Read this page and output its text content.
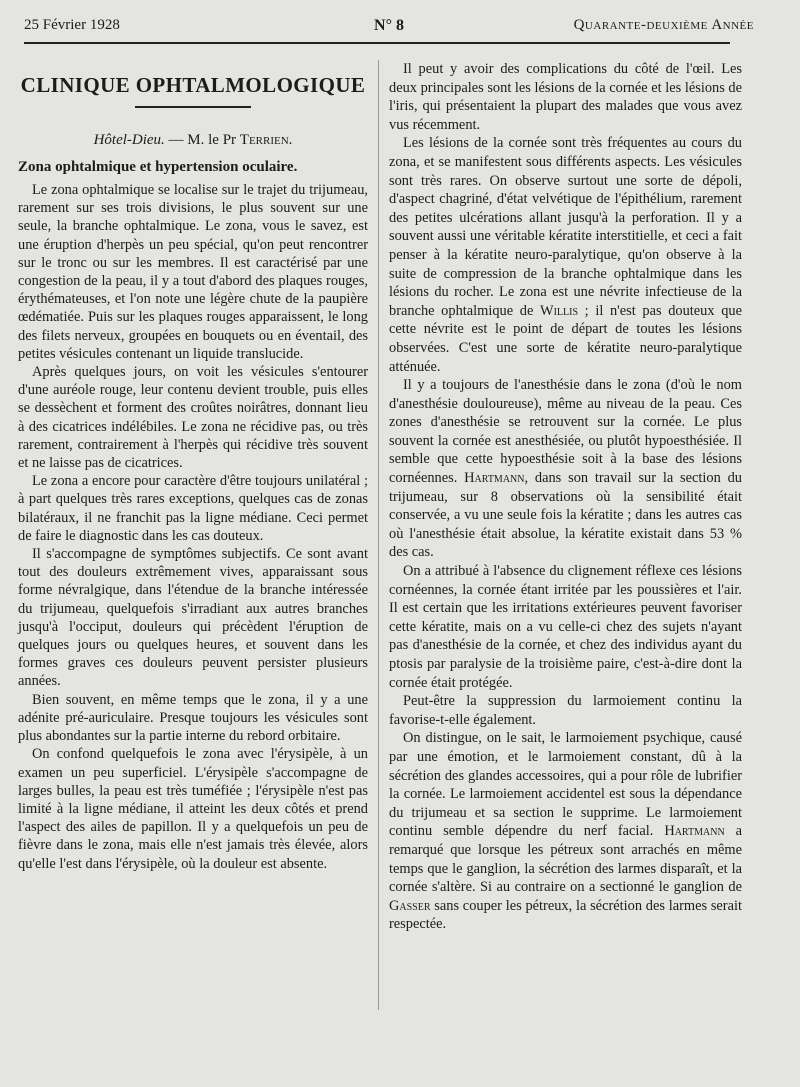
25 Février 1928	N° 8	Quarante-deuxième Année
CLINIQUE OPHTALMOLOGIQUE
Hôtel-Dieu. — M. le Pr Terrien.
Zona ophtalmique et hypertension oculaire.

Le zona ophtalmique se localise sur le trajet du trijumeau, rarement sur ses trois divisions, le plus souvent sur une seule, la branche ophtalmique. Le zona, vous le savez, est une éruption d'herpès un peu spécial, qu'on peut rencontrer sur le tronc ou sur les membres. Il est caractérisé par une congestion de la peau, il y a tout d'abord des plaques rouges, érythémateuses, et l'on note une légère chute de la paupière œdématiée. Puis sur les plaques rouges apparaissent, le long des filets nerveux, groupées en bouquets ou en éventail, des petites vésicules contenant un liquide translucide.

Après quelques jours, on voit les vésicules s'entourer d'une auréole rouge, leur contenu devient trouble, puis elles se dessèchent et forment des croûtes noirâtres, donnant lieu à des cicatrices indélébiles. Le zona ne récidive pas, ou très rarement, contrairement à l'herpès qui récidive très souvent et ne laisse pas de cicatrices.

Le zona a encore pour caractère d'être toujours unilatéral ; à part quelques très rares exceptions, quelques cas de zonas bilatéraux, il ne franchit pas la ligne médiane. Ceci permet de faire le diagnostic dans les cas douteux.

Il s'accompagne de symptômes subjectifs. Ce sont avant tout des douleurs extrêmement vives, apparaissant sous forme névralgique, dans l'étendue de la branche intéressée du trijumeau, quelquefois s'irradiant aux autres branches jusqu'à l'occiput, douleurs qui précèdent l'éruption de quelques jours ou quelques heures, et souvent dans les formes graves ces douleurs peuvent persister plusieurs années.

Bien souvent, en même temps que le zona, il y a une adénite pré-auriculaire. Presque toujours les vésicules sont plus abondantes sur la partie interne du rebord orbitaire.

On confond quelquefois le zona avec l'érysipèle, à un examen un peu superficiel. L'érysipèle s'accompagne de larges bulles, la peau est très tuméfiée ; l'érysipèle n'est pas limité à la ligne médiane, il atteint les deux côtés et prend l'aspect des ailes de papillon. Il y a quelquefois un peu de fièvre dans le zona, mais elle n'est jamais très élevée, alors qu'elle l'est dans l'érysipèle, où la douleur est absente.

Il peut y avoir des complications du côté de l'œil. Les deux principales sont les lésions de la cornée et les lésions de l'iris, qui présentaient la plupart des malades que vous avez vus récemment.

Les lésions de la cornée sont très fréquentes au cours du zona, et se manifestent sous différents aspects. Les vésicules sont très rares. On observe surtout une sorte de dépoli, d'aspect chagriné, d'état velvétique de l'épithélium, rarement des petites ulcérations allant jusqu'à la perforation. Il y a souvent aussi une véritable kératite interstitielle, et ceci a fait penser à la kératite neuro-paralytique, qu'on observe à la suite de compression de la branche ophtalmique dans les lésions du rocher. Le zona est une névrite infectieuse de la branche ophtalmique de Willis ; il n'est pas douteux que cette névrite est le point de départ de toutes les lésions observées. C'est une sorte de kératite neuro-paralytique atténuée.

Il y a toujours de l'anesthésie dans le zona (d'où le nom d'anesthésie douloureuse), même au niveau de la peau. Ces zones d'anesthésie se retrouvent sur la cornée. Le plus souvent la cornée est anesthésiée, ou plutôt hypoesthésiée. Il semble que cette hypoesthésie soit à la base des lésions cornéennes. Hartmann, dans son travail sur la section du trijumeau, sur 8 observations où la sensibilité était conservée, a vu une seule fois la kératite ; dans les autres cas où l'anesthésie était absolue, la kératite existait dans 53 % des cas.

On a attribué à l'absence du clignement réflexe ces lésions cornéennes, la cornée étant irritée par les poussières et l'air. Il est certain que les irritations extérieures peuvent favoriser cette kératite, mais on a vu celle-ci chez des sujets n'ayant pas d'anesthésie de la cornée, et chez des individus ayant du ptosis par paralysie de la troisième paire, c'est-à-dire dont la cornée était protégée.

Peut-être la suppression du larmoiement continu la favorise-t-elle également.

On distingue, on le sait, le larmoiement psychique, causé par une émotion, et le larmoiement constant, dû à la sécrétion des glandes accessoires, qui a pour rôle de lubrifier la cornée. Le larmoiement accidentel est sous la dépendance du trijumeau et sa section le supprime. Le larmoiement continu semble dépendre du nerf facial. Hartmann a remarqué que lorsque les pétreux sont arrachés en même temps que le ganglion, la sécrétion des larmes disparaît, et la cornée s'altère. Si au contraire on a sectionné le ganglion de Gasser sans couper les pétreux, la sécrétion des larmes serait respectée.
